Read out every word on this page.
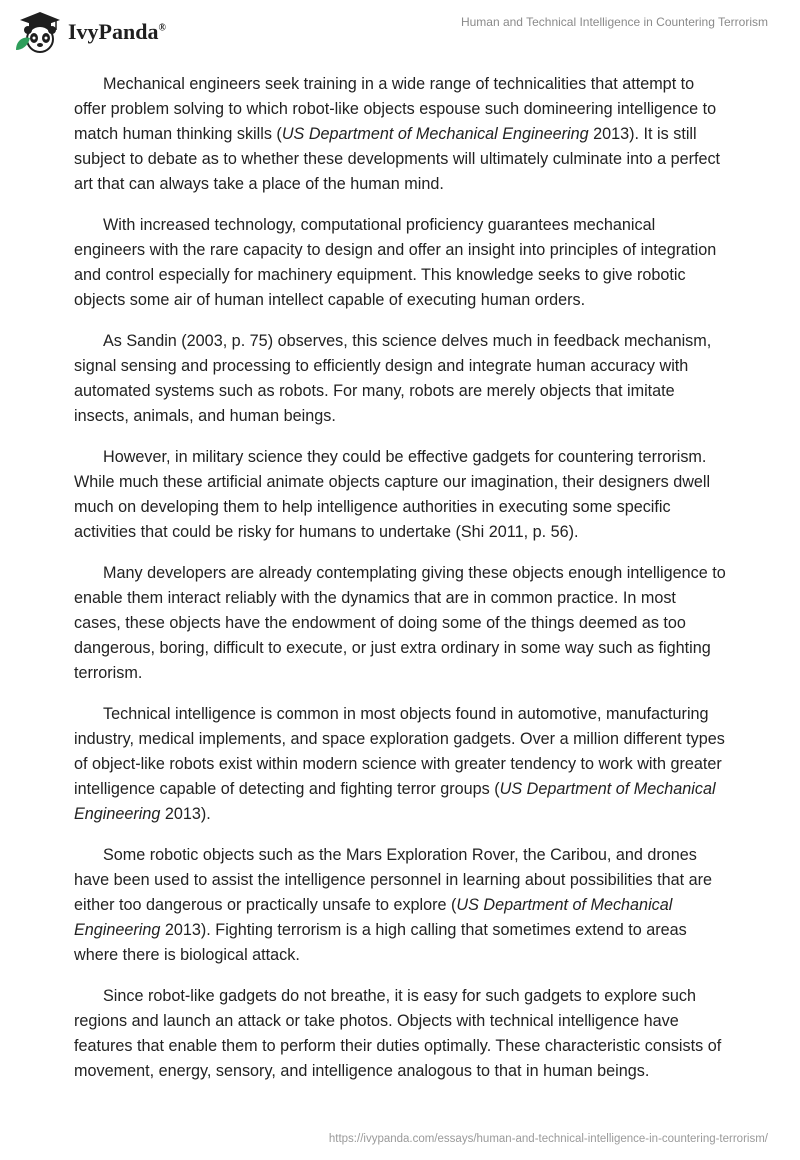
IvyPanda®	Human and Technical Intelligence in Countering Terrorism

Mechanical engineers seek training in a wide range of technicalities that attempt to offer problem solving to which robot-like objects espouse such domineering intelligence to match human thinking skills (US Department of Mechanical Engineering 2013). It is still subject to debate as to whether these developments will ultimately culminate into a perfect art that can always take a place of the human mind.

With increased technology, computational proficiency guarantees mechanical engineers with the rare capacity to design and offer an insight into principles of integration and control especially for machinery equipment. This knowledge seeks to give robotic objects some air of human intellect capable of executing human orders.

As Sandin (2003, p. 75) observes, this science delves much in feedback mechanism, signal sensing and processing to efficiently design and integrate human accuracy with automated systems such as robots. For many, robots are merely objects that imitate insects, animals, and human beings.

However, in military science they could be effective gadgets for countering terrorism. While much these artificial animate objects capture our imagination, their designers dwell much on developing them to help intelligence authorities in executing some specific activities that could be risky for humans to undertake (Shi 2011, p. 56).

Many developers are already contemplating giving these objects enough intelligence to enable them interact reliably with the dynamics that are in common practice. In most cases, these objects have the endowment of doing some of the things deemed as too dangerous, boring, difficult to execute, or just extra ordinary in some way such as fighting terrorism.

Technical intelligence is common in most objects found in automotive, manufacturing industry, medical implements, and space exploration gadgets. Over a million different types of object-like robots exist within modern science with greater tendency to work with greater intelligence capable of detecting and fighting terror groups (US Department of Mechanical Engineering 2013).

Some robotic objects such as the Mars Exploration Rover, the Caribou, and drones have been used to assist the intelligence personnel in learning about possibilities that are either too dangerous or practically unsafe to explore (US Department of Mechanical Engineering 2013). Fighting terrorism is a high calling that sometimes extend to areas where there is biological attack.

Since robot-like gadgets do not breathe, it is easy for such gadgets to explore such regions and launch an attack or take photos. Objects with technical intelligence have features that enable them to perform their duties optimally. These characteristic consists of movement, energy, sensory, and intelligence analogous to that in human beings.

https://ivypanda.com/essays/human-and-technical-intelligence-in-countering-terrorism/
